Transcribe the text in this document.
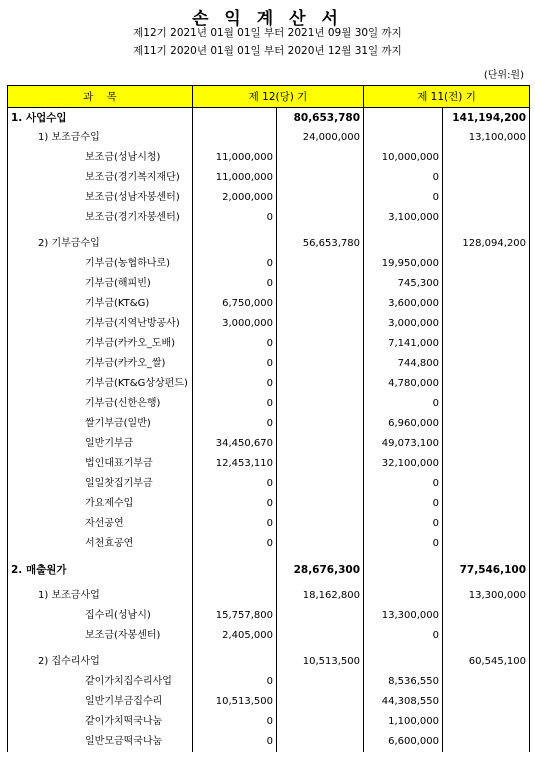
손 익 계 산 서
제12기 2021년 01월 01일 부터 2021년 09월 30일 까지
제11기 2020년 01월 01일 부터 2020년 12월 31일 까지
(단위:원)
과    목	제 12(당) 기		제 11(전) 기	
1. 사업수입		80,653,780		141,194,200
1) 보조금수입		24,000,000		13,100,000
보조금(성남시청)	11,000,000		10,000,000	
보조금(경기복지재단)	11,000,000		0	
보조금(성남자봉센터)	2,000,000		0	
보조금(경기자봉센터)	0		3,100,000	

2) 기부금수입		56,653,780		128,094,200
기부금(농협하나로)	0		19,950,000	
기부금(해피빈)	0		745,300	
기부금(KT&G)	6,750,000		3,600,000	
기부금(지역난방공사)	3,000,000		3,000,000	
기부금(카카오_도배)	0		7,141,000	
기부금(카카오_쌀)	0		744,800	
기부금(KT&G상상펀드)	0		4,780,000	
기부금(신한은행)	0		0	
쌀기부금(일반)	0		6,960,000	
일반기부금	34,450,670		49,073,100	
법인대표기부금	12,453,110		32,100,000	
일일찻집기부금	0		0	
가요제수입	0		0	
자선공연	0		0	
서천효공연	0		0	

2. 매출원가		28,676,300		77,546,100

1) 보조금사업		18,162,800		13,300,000
집수리(성남시)	15,757,800		13,300,000	
보조금(자봉센터)	2,405,000		0	

2) 집수리사업		10,513,500		60,545,100
같이가치집수리사업	0		8,536,550	
일반기부금집수리	10,513,500		44,308,550	
같이가치떡국나눔	0		1,100,000	
일반모금떡국나눔	0		6,600,000	
